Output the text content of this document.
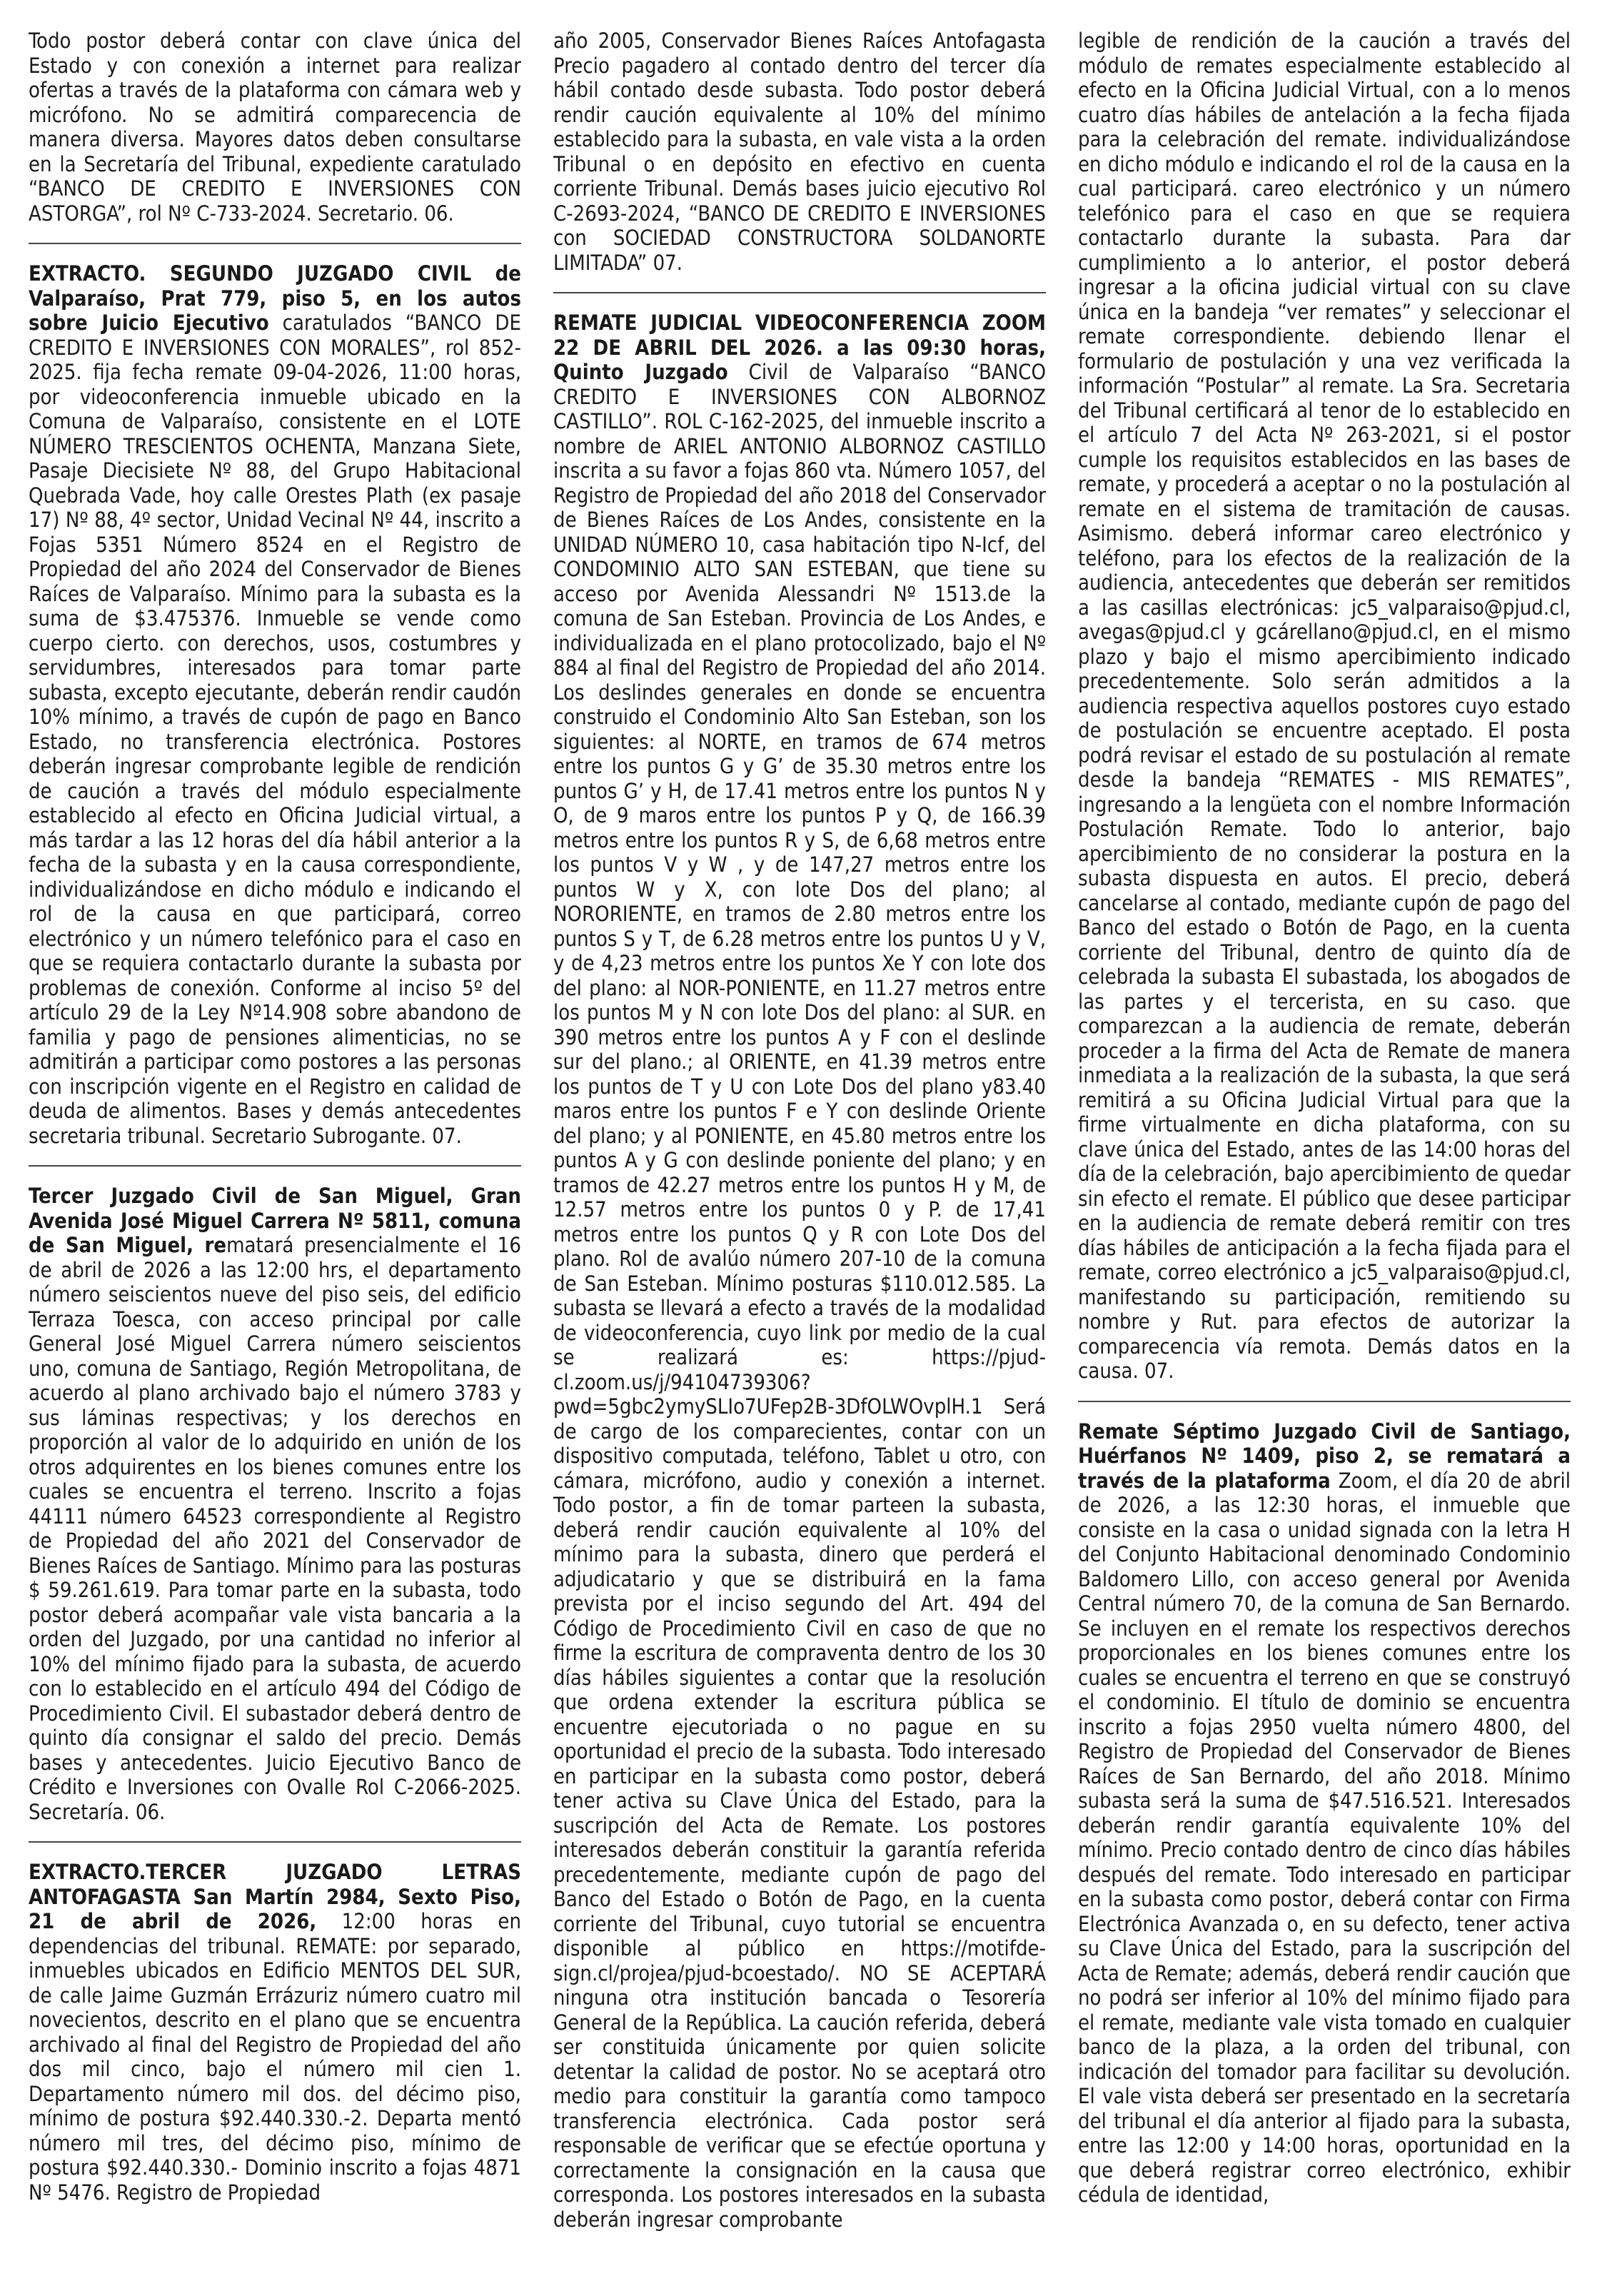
Todo postor deberá contar con clave única del Estado y con conexión a internet para realizar ofertas a través de la plataforma con cámara web y micrófono. No se admitirá comparecencia de manera diversa. Mayores datos deben consultarse en la Secretaría del Tribunal, expediente caratulado “BANCO DE CREDITO E INVERSIONES CON ASTORGA”, rol Nº C-733-2024. Secretario. 06.

EXTRACTO. SEGUNDO JUZGADO CIVIL de Valparaíso, Prat 779, piso 5, en los autos sobre Juicio Ejecutivo caratulados “BANCO DE CREDITO E INVERSIONES CON MORALES”, rol 852-2025. fija fecha remate 09-04-2026, 11:00 horas, por videoconferencia inmueble ubicado en la Comuna de Valparaíso, consistente en el LOTE NÚMERO TRESCIENTOS OCHENTA, Manzana Siete, Pasaje Diecisiete Nº 88, del Grupo Habitacional Quebrada Vade, hoy calle Orestes Plath (ex pasaje 17) Nº 88, 4º sector, Unidad Vecinal Nº 44, inscrito a Fojas 5351 Número 8524 en el Registro de Propiedad del año 2024 del Conservador de Bienes Raíces de Valparaíso. Mínimo para la subasta es la suma de $3.475376. Inmueble se vende como cuerpo cierto. con derechos, usos, costumbres y servidumbres, interesados para tomar parte subasta, excepto ejecutante, deberán rendir caudón 10% mínimo, a través de cupón de pago en Banco Estado, no transferencia electrónica. Postores deberán ingresar comprobante legible de rendición de caución a través del módulo especialmente establecido al efecto en Oficina Judicial virtual, a más tardar a las 12 horas del día hábil anterior a la fecha de la subasta y en la causa correspondiente, individualizándose en dicho módulo e indicando el rol de la causa en que participará, correo electrónico y un número telefónico para el caso en que se requiera contactarlo durante la subasta por problemas de conexión. Conforme al inciso 5º del artículo 29 de la Ley Nº14.908 sobre abandono de familia y pago de pensiones alimenticias, no se admitirán a participar como postores a las personas con inscripción vigente en el Registro en calidad de deuda de alimentos. Bases y demás antecedentes secretaria tribunal. Secretario Subrogante. 07.

Tercer Juzgado Civil de San Miguel, Gran Avenida José Miguel Carrera Nº 5811, comuna de San Miguel, rematará presencialmente el 16 de abril de 2026 a las 12:00 hrs, el departamento número seiscientos nueve del piso seis, del edificio Terraza Toesca, con acceso principal por calle General José Miguel Carrera número seiscientos uno, comuna de Santiago, Región Metropolitana, de acuerdo al plano archivado bajo el número 3783 y sus láminas respectivas; y los derechos en proporción al valor de lo adquirido en unión de los otros adquirentes en los bienes comunes entre los cuales se encuentra el terreno. Inscrito a fojas 44111 número 64523 correspondiente al Registro de Propiedad del año 2021 del Conservador de Bienes Raíces de Santiago. Mínimo para las posturas $ 59.261.619. Para tomar parte en la subasta, todo postor deberá acompañar vale vista bancaria a la orden del Juzgado, por una cantidad no inferior al 10% del mínimo fijado para la subasta, de acuerdo con lo establecido en el artículo 494 del Código de Procedimiento Civil. El subastador deberá dentro de quinto día consignar el saldo del precio. Demás bases y antecedentes. Juicio Ejecutivo Banco de Crédito e Inversiones con Ovalle Rol C-2066-2025. Secretaría. 06.

EXTRACTO.TERCER JUZGADO LETRAS ANTOFAGASTA San Martín 2984, Sexto Piso, 21 de abril de 2026, 12:00 horas en dependencias del tribunal. REMATE: por separado, inmuebles ubicados en Edificio MENTOS DEL SUR, de calle Jaime Guzmán Errázuriz número cuatro mil novecientos, descrito en el plano que se encuentra archivado al final del Registro de Propiedad del año dos mil cinco, bajo el número mil cien 1. Departamento número mil dos. del décimo piso, mínimo de postura $92.440.330.-2. Departa mentó número mil tres, del décimo piso, mínimo de postura $92.440.330.- Dominio inscrito a fojas 4871 Nº 5476. Registro de Propiedad

año 2005, Conservador Bienes Raíces Antofagasta Precio pagadero al contado dentro del tercer día hábil contado desde subasta. Todo postor deberá rendir caución equivalente al 10% del mínimo establecido para la subasta, en vale vista a la orden Tribunal o en depósito en efectivo en cuenta corriente Tribunal. Demás bases juicio ejecutivo Rol C-2693-2024, “BANCO DE CREDITO E INVERSIONES con SOCIEDAD CONSTRUCTORA SOLDANORTE LIMITADA” 07.

REMATE JUDICIAL VIDEOCONFERENCIA ZOOM 22 DE ABRIL DEL 2026. a las 09:30 horas, Quinto Juzgado Civil de Valparaíso “BANCO CREDITO E INVERSIONES CON ALBORNOZ CASTILLO”. ROL C-162-2025, del inmueble inscrito a nombre de ARIEL ANTONIO ALBORNOZ CASTILLO inscrita a su favor a fojas 860 vta. Número 1057, del Registro de Propiedad del año 2018 del Conservador de Bienes Raíces de Los Andes, consistente en la UNIDAD NÚMERO 10, casa habitación tipo N-Icf, del CONDOMINIO ALTO SAN ESTEBAN, que tiene su acceso por Avenida Alessandri Nº 1513.de la comuna de San Esteban. Provincia de Los Andes, e individualizada en el plano protocolizado, bajo el Nº 884 al final del Registro de Propiedad del año 2014. Los deslindes generales en donde se encuentra construido el Condominio Alto San Esteban, son los siguientes: al NORTE, en tramos de 674 metros entre los puntos G y G’ de 35.30 metros entre los puntos G’ y H, de 17.41 metros entre los puntos N y O, de 9 maros entre los puntos P y Q, de 166.39 metros entre los puntos R y S, de 6,68 metros entre los puntos V y W , y de 147,27 metros entre los puntos W y X, con lote Dos del plano; al NORORIENTE, en tramos de 2.80 metros entre los puntos S y T, de 6.28 metros entre los puntos U y V, y de 4,23 metros entre los puntos Xe Y con lote dos del plano: al NOR-PONIENTE, en 11.27 metros entre los puntos M y N con lote Dos del plano: al SUR. en 390 metros entre los puntos A y F con el deslinde sur del plano.; al ORIENTE, en 41.39 metros entre los puntos de T y U con Lote Dos del plano y83.40 maros entre los puntos F e Y con deslinde Oriente del plano; y al PONIENTE, en 45.80 metros entre los puntos A y G con deslinde poniente del plano; y en tramos de 42.27 metros entre los puntos H y M, de 12.57 metros entre los puntos 0 y P. de 17,41 metros entre los puntos Q y R con Lote Dos del plano. Rol de avalúo número 207-10 de la comuna de San Esteban. Mínimo posturas $110.012.585. La subasta se llevará a efecto a través de la modalidad de videoconferencia, cuyo link por medio de la cual se realizará es: https://pjud-cl.zoom.us/j/94104739306?pwd=5gbc2ymySLIo7UFep2B-3DfOLWOvplH.1 Será de cargo de los comparecientes, contar con un dispositivo computada, teléfono, Tablet u otro, con cámara, micrófono, audio y conexión a internet. Todo postor, a fin de tomar parteen la subasta, deberá rendir caución equivalente al 10% del mínimo para la subasta, dinero que perderá el adjudicatario y que se distribuirá en la fama prevista por el inciso segundo del Art. 494 del Código de Procedimiento Civil en caso de que no firme la escritura de compraventa dentro de los 30 días hábiles siguientes a contar que la resolución que ordena extender la escritura pública se encuentre ejecutoriada o no pague en su oportunidad el precio de la subasta. Todo interesado en participar en la subasta como postor, deberá tener activa su Clave Única del Estado, para la suscripción del Acta de Remate. Los postores interesados deberán constituir la garantía referida precedentemente, mediante cupón de pago del Banco del Estado o Botón de Pago, en la cuenta corriente del Tribunal, cuyo tutorial se encuentra disponible al público en https://motifde-sign.cl/projea/pjud-bcoestado/. NO SE ACEPTARÁ ninguna otra institución bancada o Tesorería General de la República. La caución referida, deberá ser constituida únicamente por quien solicite detentar la calidad de postor. No se aceptará otro medio para constituir la garantía como tampoco transferencia electrónica. Cada postor será responsable de verificar que se efectúe oportuna y correctamente la consignación en la causa que corresponda. Los postores interesados en la subasta deberán ingresar comprobante

legible de rendición de la caución a través del módulo de remates especialmente establecido al efecto en la Oficina Judicial Virtual, con a lo menos cuatro días hábiles de antelación a la fecha fijada para la celebración del remate. individualizándose en dicho módulo e indicando el rol de la causa en la cual participará. careo electrónico y un número telefónico para el caso en que se requiera contactarlo durante la subasta. Para dar cumplimiento a lo anterior, el postor deberá ingresar a la oficina judicial virtual con su clave única en la bandeja “ver remates” y seleccionar el remate correspondiente. debiendo llenar el formulario de postulación y una vez verificada la información “Postular” al remate. La Sra. Secretaria del Tribunal certificará al tenor de lo establecido en el artículo 7 del Acta Nº 263-2021, si el postor cumple los requisitos establecidos en las bases de remate, y procederá a aceptar o no la postulación al remate en el sistema de tramitación de causas. Asimismo. deberá informar careo electrónico y teléfono, para los efectos de la realización de la audiencia, antecedentes que deberán ser remitidos a las casillas electrónicas: jc5_valparaiso@pjud.cl, avegas@pjud.cl y gcárellano@pjud.cl, en el mismo plazo y bajo el mismo apercibimiento indicado precedentemente. Solo serán admitidos a la audiencia respectiva aquellos postores cuyo estado de postulación se encuentre aceptado. El posta podrá revisar el estado de su postulación al remate desde la bandeja “REMATES - MIS REMATES”, ingresando a la lengüeta con el nombre Información Postulación Remate. Todo lo anterior, bajo apercibimiento de no considerar la postura en la subasta dispuesta en autos. El precio, deberá cancelarse al contado, mediante cupón de pago del Banco del estado o Botón de Pago, en la cuenta corriente del Tribunal, dentro de quinto día de celebrada la subasta El subastada, los abogados de las partes y el tercerista, en su caso. que comparezcan a la audiencia de remate, deberán proceder a la firma del Acta de Remate de manera inmediata a la realización de la subasta, la que será remitirá a su Oficina Judicial Virtual para que la firme virtualmente en dicha plataforma, con su clave única del Estado, antes de las 14:00 horas del día de la celebración, bajo apercibimiento de quedar sin efecto el remate. El público que desee participar en la audiencia de remate deberá remitir con tres días hábiles de anticipación a la fecha fijada para el remate, correo electrónico a jc5_valparaiso@pjud.cl, manifestando su participación, remitiendo su nombre y Rut. para efectos de autorizar la comparecencia vía remota. Demás datos en la causa. 07.

Remate Séptimo Juzgado Civil de Santiago, Huérfanos Nº 1409, piso 2, se rematará a través de la plataforma Zoom, el día 20 de abril de 2026, a las 12:30 horas, el inmueble que consiste en la casa o unidad signada con la letra H del Conjunto Habitacional denominado Condominio Baldomero Lillo, con acceso general por Avenida Central número 70, de la comuna de San Bernardo. Se incluyen en el remate los respectivos derechos proporcionales en los bienes comunes entre los cuales se encuentra el terreno en que se construyó el condominio. El título de dominio se encuentra inscrito a fojas 2950 vuelta número 4800, del Registro de Propiedad del Conservador de Bienes Raíces de San Bernardo, del año 2018. Mínimo subasta será la suma de $47.516.521. Interesados deberán rendir garantía equivalente 10% del mínimo. Precio contado dentro de cinco días hábiles después del remate. Todo interesado en participar en la subasta como postor, deberá contar con Firma Electrónica Avanzada o, en su defecto, tener activa su Clave Única del Estado, para la suscripción del Acta de Remate; además, deberá rendir caución que no podrá ser inferior al 10% del mínimo fijado para el remate, mediante vale vista tomado en cualquier banco de la plaza, a la orden del tribunal, con indicación del tomador para facilitar su devolución. El vale vista deberá ser presentado en la secretaría del tribunal el día anterior al fijado para la subasta, entre las 12:00 y 14:00 horas, oportunidad en la que deberá registrar correo electrónico, exhibir cédula de identidad,
